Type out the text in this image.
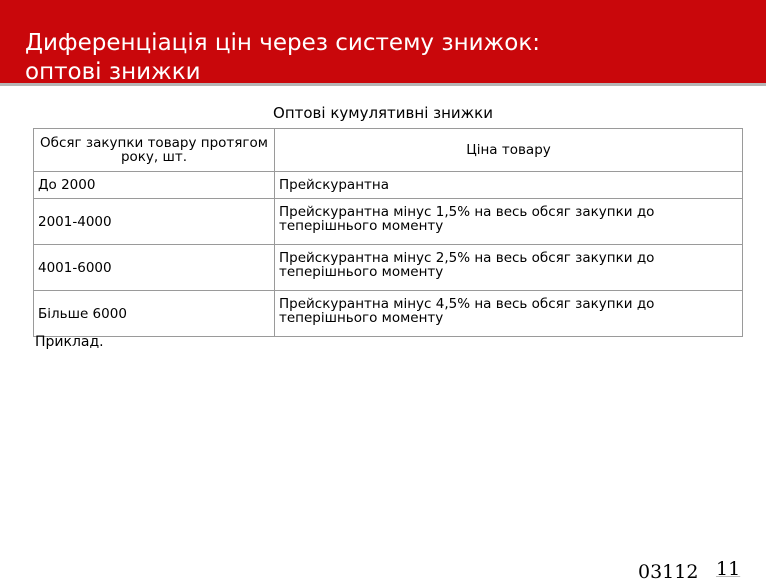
Диференціація цін через систему знижок:
оптові знижки
Оптові кумулятивні знижки
Обсяг закупки товару протягом року, шт.	Ціна товару
До 2000	Прейскурантна
2001-4000	Прейскурантна мінус 1,5% на весь обсяг закупки до теперішнього моменту
4001-6000	Прейскурантна мінус 2,5% на весь обсяг закупки до теперішнього моменту
Більше 6000	Прейскурантна мінус 4,5% на весь обсяг закупки до теперішнього моменту
Приклад.
03112 11
